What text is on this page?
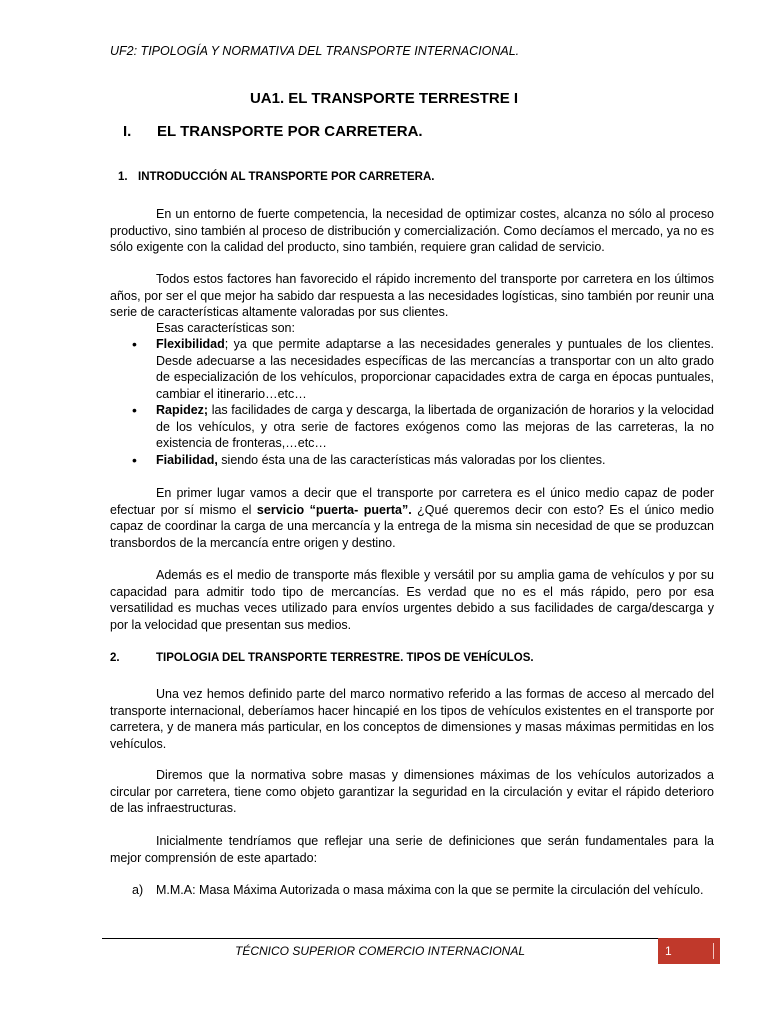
UF2: TIPOLOGÍA Y NORMATIVA DEL TRANSPORTE INTERNACIONAL.
UA1. EL TRANSPORTE TERRESTRE I
I. EL TRANSPORTE POR CARRETERA.
1. INTRODUCCIÓN AL TRANSPORTE POR CARRETERA.

En un entorno de fuerte competencia, la necesidad de optimizar costes, alcanza no sólo al proceso productivo, sino también al proceso de distribución y comercialización. Como decíamos el mercado, ya no es sólo exigente con la calidad del producto, sino también, requiere gran calidad de servicio.

Todos estos factores han favorecido el rápido incremento del transporte por carretera en los últimos años, por ser el que mejor ha sabido dar respuesta a las necesidades logísticas, sino también por reunir una serie de características altamente valoradas por sus clientes.

Esas características son:

• Flexibilidad; ya que permite adaptarse a las necesidades generales y puntuales de los clientes. Desde adecuarse a las necesidades específicas de las mercancías a transportar con un alto grado de especialización de los vehículos, proporcionar capacidades extra de carga en épocas puntuales, cambiar el itinerario…etc…
• Rapidez; las facilidades de carga y descarga, la libertada de organización de horarios y la velocidad de los vehículos, y otra serie de factores exógenos como las mejoras de las carreteras, la no existencia de fronteras,…etc…
• Fiabilidad, siendo ésta una de las características más valoradas por los clientes.

En primer lugar vamos a decir que el transporte por carretera es el único medio capaz de poder efectuar por sí mismo el servicio “puerta- puerta”. ¿Qué queremos decir con esto? Es el único medio capaz de coordinar la carga de una mercancía y la entrega de la misma sin necesidad de que se produzcan transbordos de la mercancía entre origen y destino.

Además es el medio de transporte más flexible y versátil por su amplia gama de vehículos y por su capacidad para admitir todo tipo de mercancías. Es verdad que no es el más rápido, pero por esa versatilidad es muchas veces utilizado para envíos urgentes debido a sus facilidades de carga/descarga y por la velocidad que presentan sus medios.

2.	TIPOLOGIA DEL TRANSPORTE TERRESTRE. TIPOS DE VEHÍCULOS.

Una vez hemos definido parte del marco normativo referido a las formas de acceso al mercado del transporte internacional, deberíamos hacer hincapié en los tipos de vehículos existentes en el transporte por carretera, y de manera más particular, en los conceptos de dimensiones y masas máximas permitidas en los vehículos.

Diremos que la normativa sobre masas y dimensiones máximas de los vehículos autorizados a circular por carretera, tiene como objeto garantizar la seguridad en la circulación y evitar el rápido deterioro de las infraestructuras.

Inicialmente tendríamos que reflejar una serie de definiciones que serán fundamentales para la mejor comprensión de este apartado:

a)	M.M.A: Masa Máxima Autorizada o masa máxima con la que se permite la circulación del vehículo.
TÉCNICO SUPERIOR COMERCIO INTERNACIONAL	1
